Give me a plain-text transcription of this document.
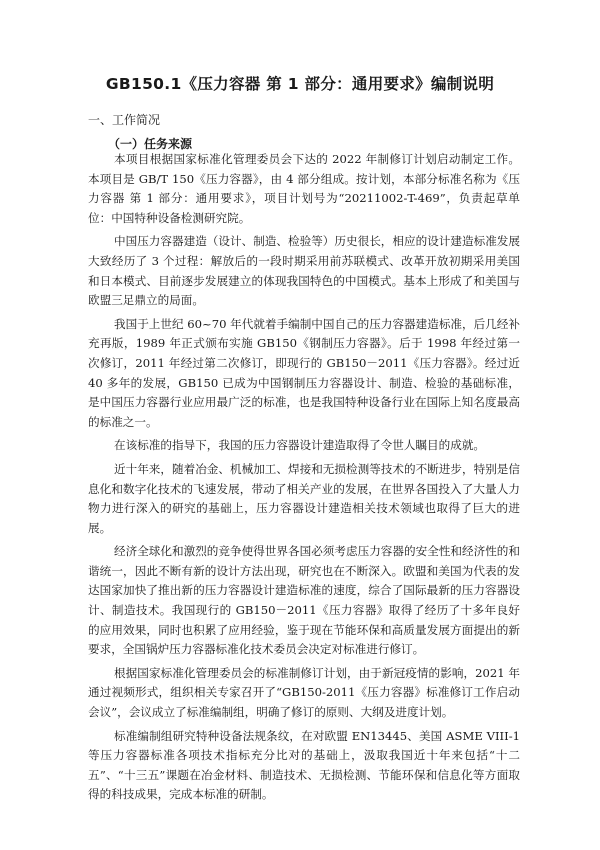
GB150.1《压力容器 第 1 部分：通用要求》编制说明
一、工作简况
（一）任务来源

本项目根据国家标准化管理委员会下达的 2022 年制修订计划启动制定工作。本项目是 GB/T 150《压力容器》，由 4 部分组成。按计划，本部分标准名称为《压力容器 第 1 部分：通用要求》，项目计划号为“20211002-T-469”，负责起草单位：中国特种设备检测研究院。

中国压力容器建造（设计、制造、检验等）历史很长，相应的设计建造标准发展大致经历了 3 个过程：解放后的一段时期采用前苏联模式、改革开放初期采用美国和日本模式、目前逐步发展建立的体现我国特色的中国模式。基本上形成了和美国与欧盟三足鼎立的局面。

我国于上世纪 60~70 年代就着手编制中国自己的压力容器建造标准，后几经补充再版，1989 年正式颁布实施 GB150《钢制压力容器》。后于 1998 年经过第一次修订，2011 年经过第二次修订，即现行的 GB150－2011《压力容器》。经过近 40 多年的发展，GB150 已成为中国钢制压力容器设计、制造、检验的基础标准，是中国压力容器行业应用最广泛的标准，也是我国特种设备行业在国际上知名度最高的标准之一。

在该标准的指导下，我国的压力容器设计建造取得了令世人瞩目的成就。

近十年来，随着冶金、机械加工、焊接和无损检测等技术的不断进步，特别是信息化和数字化技术的飞速发展，带动了相关产业的发展，在世界各国投入了大量人力物力进行深入的研究的基础上，压力容器设计建造相关技术领域也取得了巨大的进展。

经济全球化和激烈的竞争使得世界各国必须考虑压力容器的安全性和经济性的和谐统一，因此不断有新的设计方法出现，研究也在不断深入。欧盟和美国为代表的发达国家加快了推出新的压力容器设计建造标准的速度，综合了国际最新的压力容器设计、制造技术。我国现行的 GB150－2011《压力容器》取得了经历了十多年良好的应用效果，同时也积累了应用经验，鉴于现在节能环保和高质量发展方面提出的新要求，全国锅炉压力容器标准化技术委员会决定对标准进行修订。

根据国家标准化管理委员会的标准制修订计划，由于新冠疫情的影响，2021 年通过视频形式，组织相关专家召开了“GB150-2011《压力容器》标准修订工作启动会议”，会议成立了标准编制组，明确了修订的原则、大纲及进度计划。

标准编制组研究特种设备法规条纹，在对欧盟 EN13445、美国 ASME VIII-1 等压力容器标准各项技术指标充分比对的基础上，汲取我国近十年来包括“十二五”、“十三五”课题在冶金材料、制造技术、无损检测、节能环保和信息化等方面取得的科技成果，完成本标准的研制。
